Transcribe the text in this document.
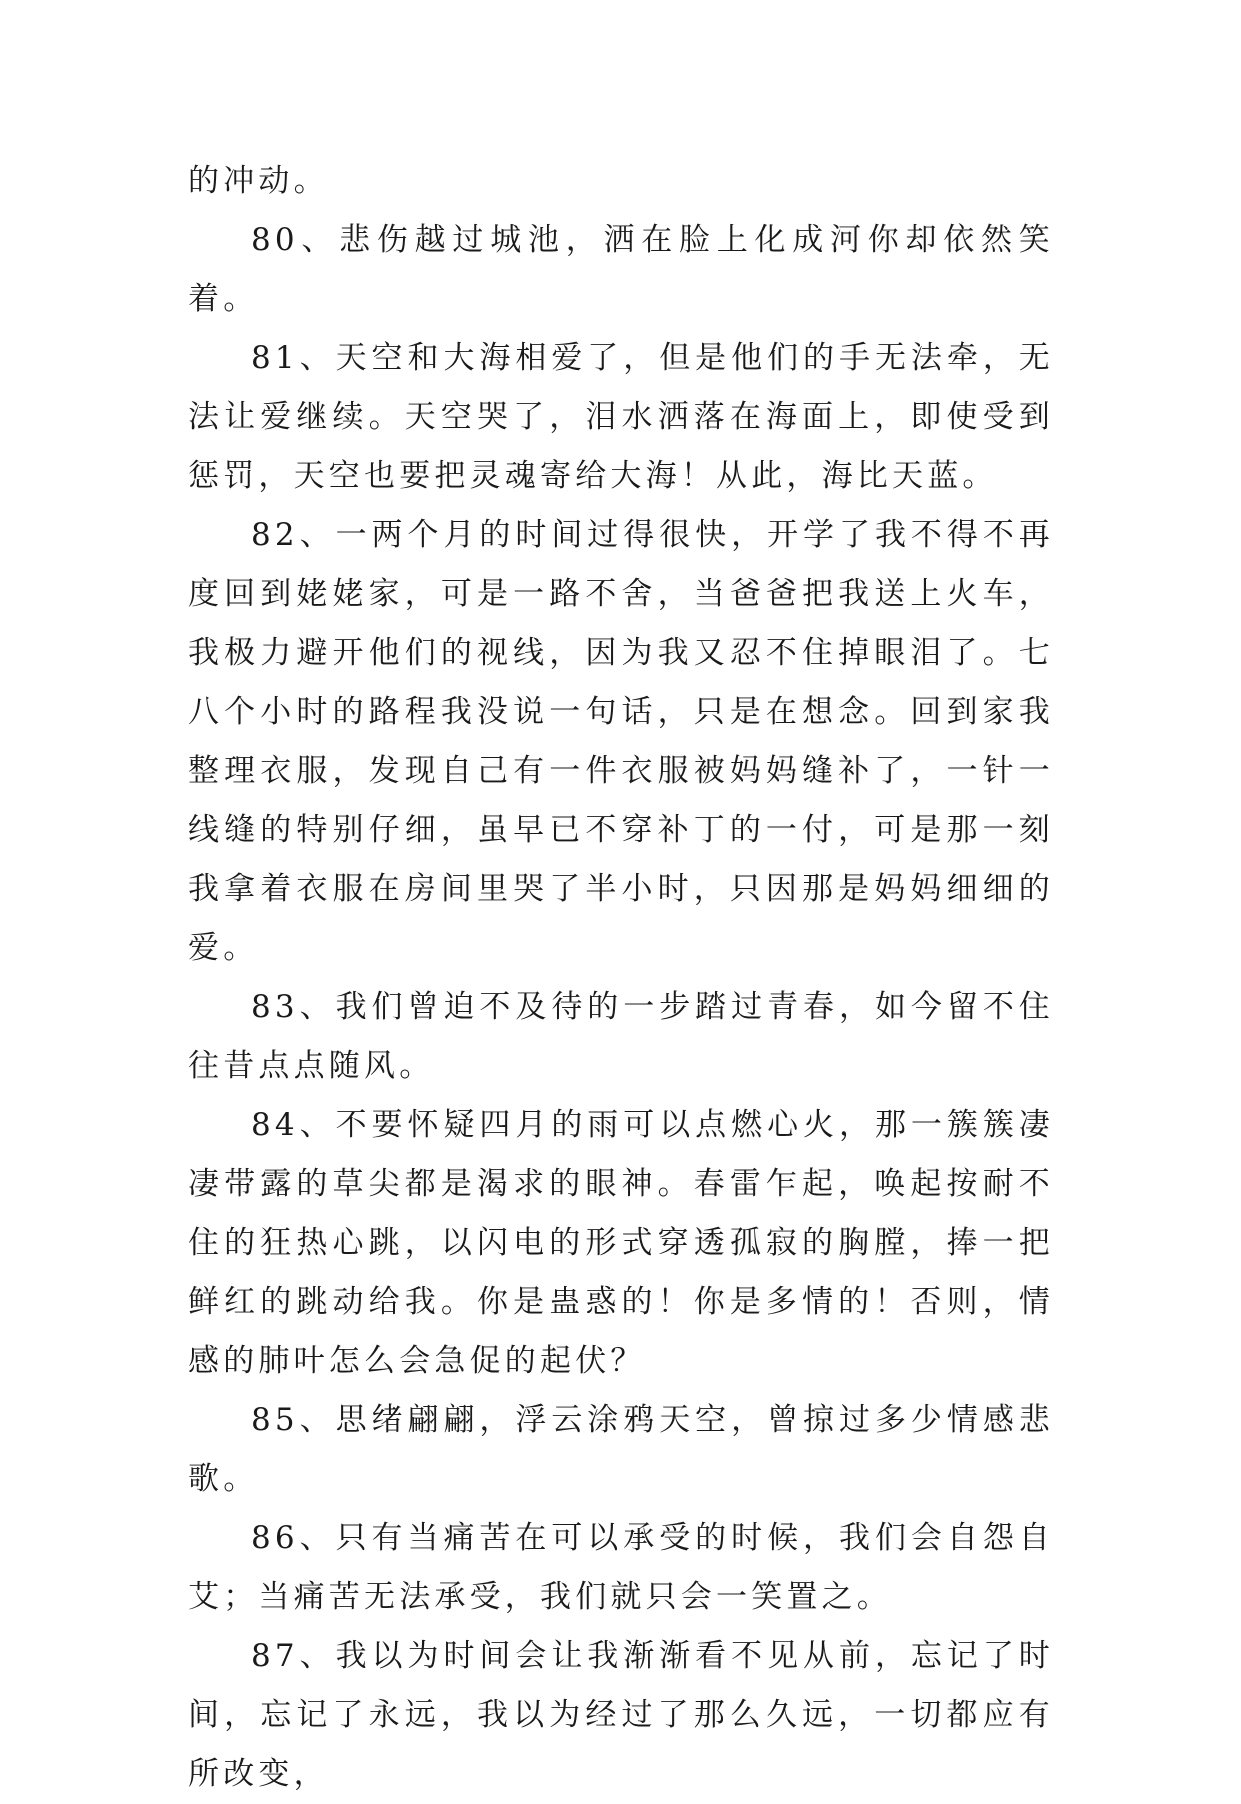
的冲动。

80、悲伤越过城池，洒在脸上化成河你却依然笑着。

81、天空和大海相爱了，但是他们的手无法牵，无法让爱继续。天空哭了，泪水洒落在海面上，即使受到惩罚，天空也要把灵魂寄给大海！从此，海比天蓝。

82、一两个月的时间过得很快，开学了我不得不再度回到姥姥家，可是一路不舍，当爸爸把我送上火车，我极力避开他们的视线，因为我又忍不住掉眼泪了。七八个小时的路程我没说一句话，只是在想念。回到家我整理衣服，发现自己有一件衣服被妈妈缝补了，一针一线缝的特别仔细，虽早已不穿补丁的一付，可是那一刻我拿着衣服在房间里哭了半小时，只因那是妈妈细细的爱。

83、我们曾迫不及待的一步踏过青春，如今留不住往昔点点随风。

84、不要怀疑四月的雨可以点燃心火，那一簇簇凄凄带露的草尖都是渴求的眼神。春雷乍起，唤起按耐不住的狂热心跳，以闪电的形式穿透孤寂的胸膛，捧一把鲜红的跳动给我。你是蛊惑的！你是多情的！否则，情感的肺叶怎么会急促的起伏？

85、思绪翩翩，浮云涂鸦天空，曾掠过多少情感悲歌。

86、只有当痛苦在可以承受的时候，我们会自怨自艾；当痛苦无法承受，我们就只会一笑置之。

87、我以为时间会让我渐渐看不见从前，忘记了时间，忘记了永远，我以为经过了那么久远，一切都应有所改变，
